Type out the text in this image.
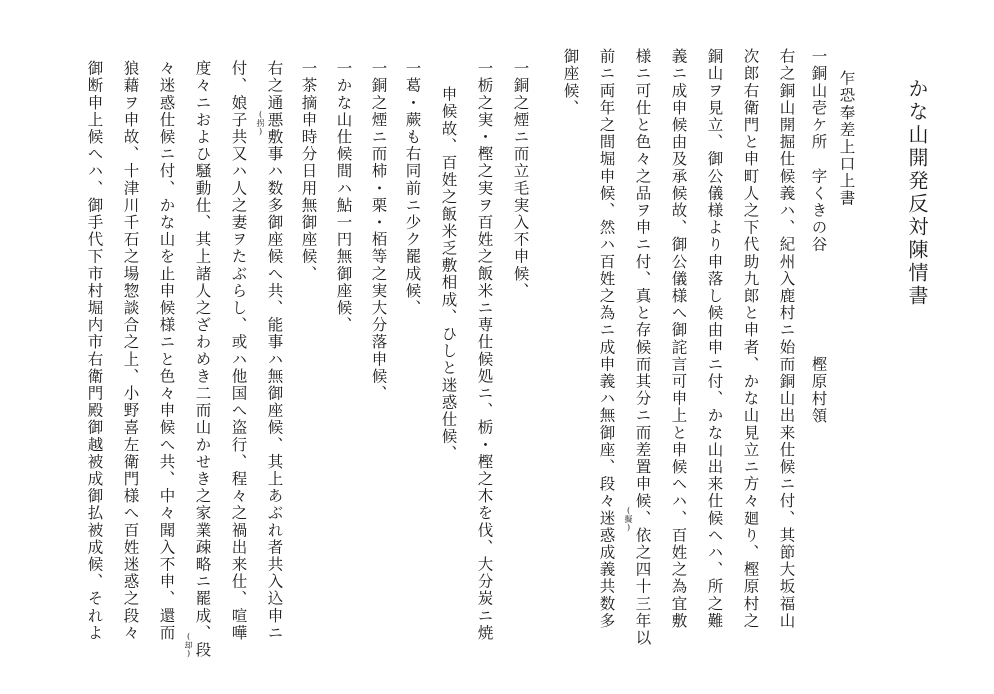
かな山開発反対陳情書
乍恐奉差上口上書
一銅山壱ケ所　字くきの谷
樫原村領
右之銅山開掘仕候義ハ、紀州入鹿村ニ始而銅山出来仕候ニ付、其節大坂福山
次郎右衛門と申町人之下代助九郎と申者、かな山見立ニ方々廻り、樫原村之
銅山ヲ見立、御公儀様より申落し候由申ニ付、かな山出来仕候ヘハ、所之難
義ニ成申候由及承候故、御公儀様へ御詫言可申上と申候ヘハ、百姓之為宜敷
様ニ可仕と色々之品ヲ申ニ付、真と存候而其分ニ而差置申候、依之四十三年以
前ニ両年之間堀申候、然ハ百姓之為ニ成申義ハ無御座、段々迷惑成義共数多
御座候、
一銅之煙ニ而立毛実入不申候、
一栃之実・樫之実ヲ百姓之飯米ニ専仕候処ニ、栃・樫之木を伐、大分炭ニ焼
申候故、百姓之飯米乏敷相成、ひしと迷惑仕候、
一葛・蕨も右同前ニ少ク罷成候、
一銅之煙ニ而柿・栗・栢等之実大分落申候、
一かな山仕候間ハ鮎一円無御座候、
一茶摘申時分日用無御座候、
右之通悪敷事ハ数多御座候へ共、能事ハ無御座候、其上あぶれ者共入込申ニ
付、娘子共又ハ人之妻ヲたぶらし、或ハ他国へ盗行、程々之禍出来仕、喧嘩
度々ニおよひ騒動仕、其上諸人之ざわめき二而山かせき之家業疎略ニ罷成、段
々迷惑仕候ニ付、かな山を止申候様ニと色々申候へ共、中々聞入不申、還而
狼藉ヲ申故、十津川千石之場惣談合之上、小野喜左衛門様へ百姓迷惑之段々
御断申上候へハ、御手代下市村堀内市右衛門殿御越被成御払被成候、それよ	(擬)
(拐)
(却)
